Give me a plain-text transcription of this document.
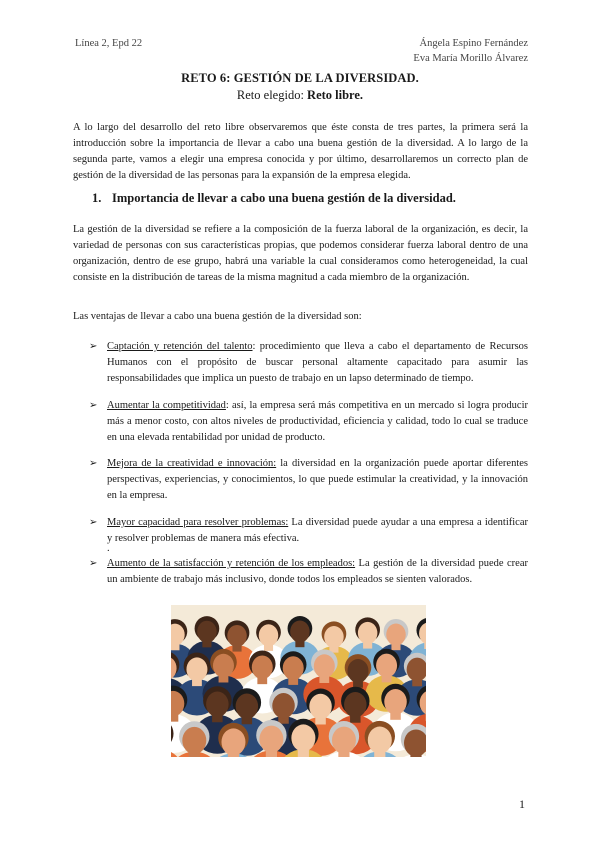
Línea 2, Epd 22	Ángela Espino Fernández
Eva María Morillo Álvarez
RETO 6: GESTIÓN DE LA DIVERSIDAD.
Reto elegido: Reto libre.
A lo largo del desarrollo del reto libre observaremos que éste consta de tres partes, la primera será la introducción sobre la importancia de llevar a cabo una buena gestión de la diversidad. A lo largo de la segunda parte, vamos a elegir una empresa conocida y por último, desarrollaremos un correcto plan de gestión de la diversidad de las personas para la expansión de la empresa elegida.
1. Importancia de llevar a cabo una buena gestión de la diversidad.
La gestión de la diversidad se refiere a la composición de la fuerza laboral de la organización, es decir, la variedad de personas con sus características propias, que podemos considerar fuerza laboral dentro de una organización, dentro de ese grupo, habrá una variable la cual consideramos como heterogeneidad, la cual consiste en la distribución de tareas de la misma magnitud a cada miembro de la organización.
Las ventajas de llevar a cabo una buena gestión de la diversidad son:
➢ Captación y retención del talento: procedimiento que lleva a cabo el departamento de Recursos Humanos con el propósito de buscar personal altamente capacitado para asumir las responsabilidades que implica un puesto de trabajo en un lapso determinado de tiempo.
➢ Aumentar la competitividad: así, la empresa será más competitiva en un mercado si logra producir más a menor costo, con altos niveles de productividad, eficiencia y calidad, todo lo cual se traduce en una elevada rentabilidad por unidad de producto.
➢ Mejora de la creatividad e innovación: la diversidad en la organización puede aportar diferentes perspectivas, experiencias, y conocimientos, lo que puede estimular la creatividad, y la innovación en la empresa.
➢ Mayor capacidad para resolver problemas: La diversidad puede ayudar a una empresa a identificar y resolver problemas de manera más efectiva.
.
➢ Aumento de la satisfacción y retención de los empleados: La gestión de la diversidad puede crear un ambiente de trabajo más inclusivo, donde todos los empleados se sienten valorados.
1
